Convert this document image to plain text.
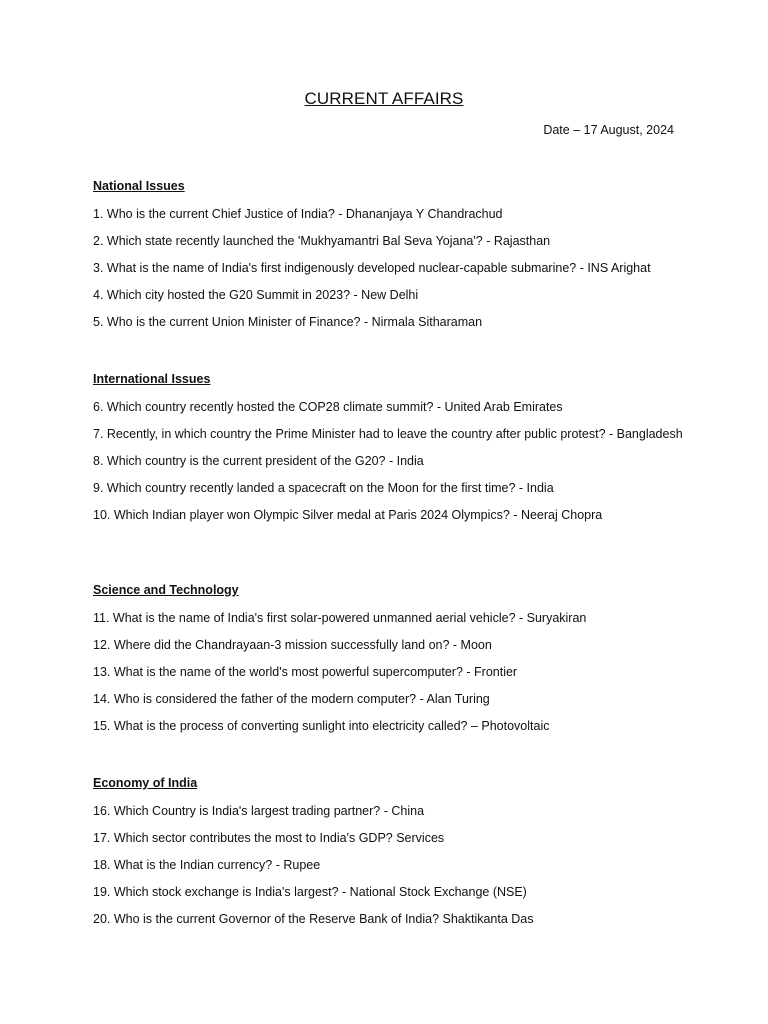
CURRENT AFFAIRS
Date – 17 August, 2024

National Issues

1. Who is the current Chief Justice of India? - Dhananjaya Y Chandrachud

2. Which state recently launched the 'Mukhyamantri Bal Seva Yojana'? - Rajasthan

3. What is the name of India's first indigenously developed nuclear-capable submarine? - INS Arighat

4. Which city hosted the G20 Summit in 2023? - New Delhi

5. Who is the current Union Minister of Finance? - Nirmala Sitharaman

International Issues

6. Which country recently hosted the COP28 climate summit? - United Arab Emirates

7. Recently, in which country the Prime Minister had to leave the country after public protest? - Bangladesh

8. Which country is the current president of the G20? - India

9. Which country recently landed a spacecraft on the Moon for the first time? - India

10. Which Indian player won Olympic Silver medal at Paris 2024 Olympics? - Neeraj Chopra

Science and Technology

11. What is the name of India's first solar-powered unmanned aerial vehicle? - Suryakiran

12. Where did the Chandrayaan-3 mission successfully land on? - Moon

13. What is the name of the world's most powerful supercomputer? - Frontier

14. Who is considered the father of the modern computer? - Alan Turing

15. What is the process of converting sunlight into electricity called? – Photovoltaic

Economy of India

16. Which Country is India's largest trading partner? - China

17. Which sector contributes the most to India's GDP? Services

18. What is the Indian currency? - Rupee

19. Which stock exchange is India's largest? - National Stock Exchange (NSE)

20. Who is the current Governor of the Reserve Bank of India? Shaktikanta Das
